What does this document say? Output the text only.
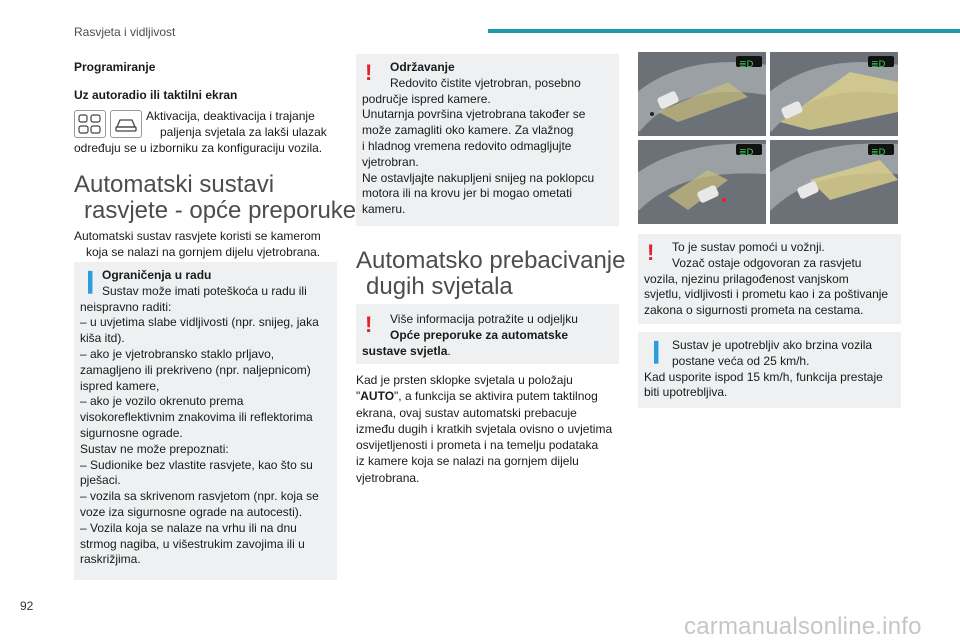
Rasvjeta i vidljivost
Programiranje
Uz autoradio ili taktilni ekran
Aktivacija, deaktivacija i trajanje
paljenja svjetala za lakši ulazak
određuju se u izborniku za konfiguraciju vozila.
Automatski sustavi
rasvjete - opće preporuke
Automatski sustav rasvjete koristi se kamerom
koja se nalazi na gornjem dijelu vjetrobrana.
❙ Ograničenja u radu
Sustav može imati poteškoća u radu ili
neispravno raditi:
– u uvjetima slabe vidljivosti (npr. snijeg, jaka
kiša itd).
– ako je vjetrobransko staklo prljavo,
zamagljeno ili prekriveno (npr. naljepnicom)
ispred kamere,
– ako je vozilo okrenuto prema
visokoreflektivnim znakovima ili reflektorima
sigurnosne ograde.
Sustav ne može prepoznati:
– Sudionike bez vlastite rasvjete, kao što su
pješaci.
– vozila sa skrivenom rasvjetom (npr. koja se
voze iza sigurnosne ograde na autocesti).
– Vozila koja se nalaze na vrhu ili na dnu
strmog nagiba, u višestrukim zavojima ili u
raskrižjima.
!	Održavanje
Redovito čistite vjetrobran, posebno
područje ispred kamere.
Unutarnja površina vjetrobrana također se
može zamagliti oko kamere. Za vlažnog
i hladnog vremena redovito odmagljujte
vjetrobran.
Ne ostavljajte nakupljeni snijeg na poklopcu
motora ili na krovu jer bi mogao ometati
kameru.
Automatsko prebacivanje
dugih svjetala
!	Više informacija potražite u odjeljku
Opće preporuke za automatske
sustave svjetla.
Kad je prsten sklopke svjetala u položaju
"AUTO", a funkcija se aktivira putem taktilnog
ekrana, ovaj sustav automatski prebacuje
između dugih i kratkih svjetala ovisno o uvjetima
osvijetljenosti i prometa i na temelju podataka
iz kamere koja se nalazi na gornjem dijelu
vjetrobrana.
≣D	≣D
≣D	≣D
!	To je sustav pomoći u vožnji.
Vozač ostaje odgovoran za rasvjetu
vozila, njezinu prilagođenost vanjskom
svjetlu, vidljivosti i prometu kao i za poštivanje
zakona o sigurnosti prometa na cestama.
❙ Sustav je upotrebljiv ako brzina vozila
postane veća od 25 km/h.
Kad usporite ispod 15 km/h, funkcija prestaje
biti upotrebljiva.
92
carmanualsonline.info
